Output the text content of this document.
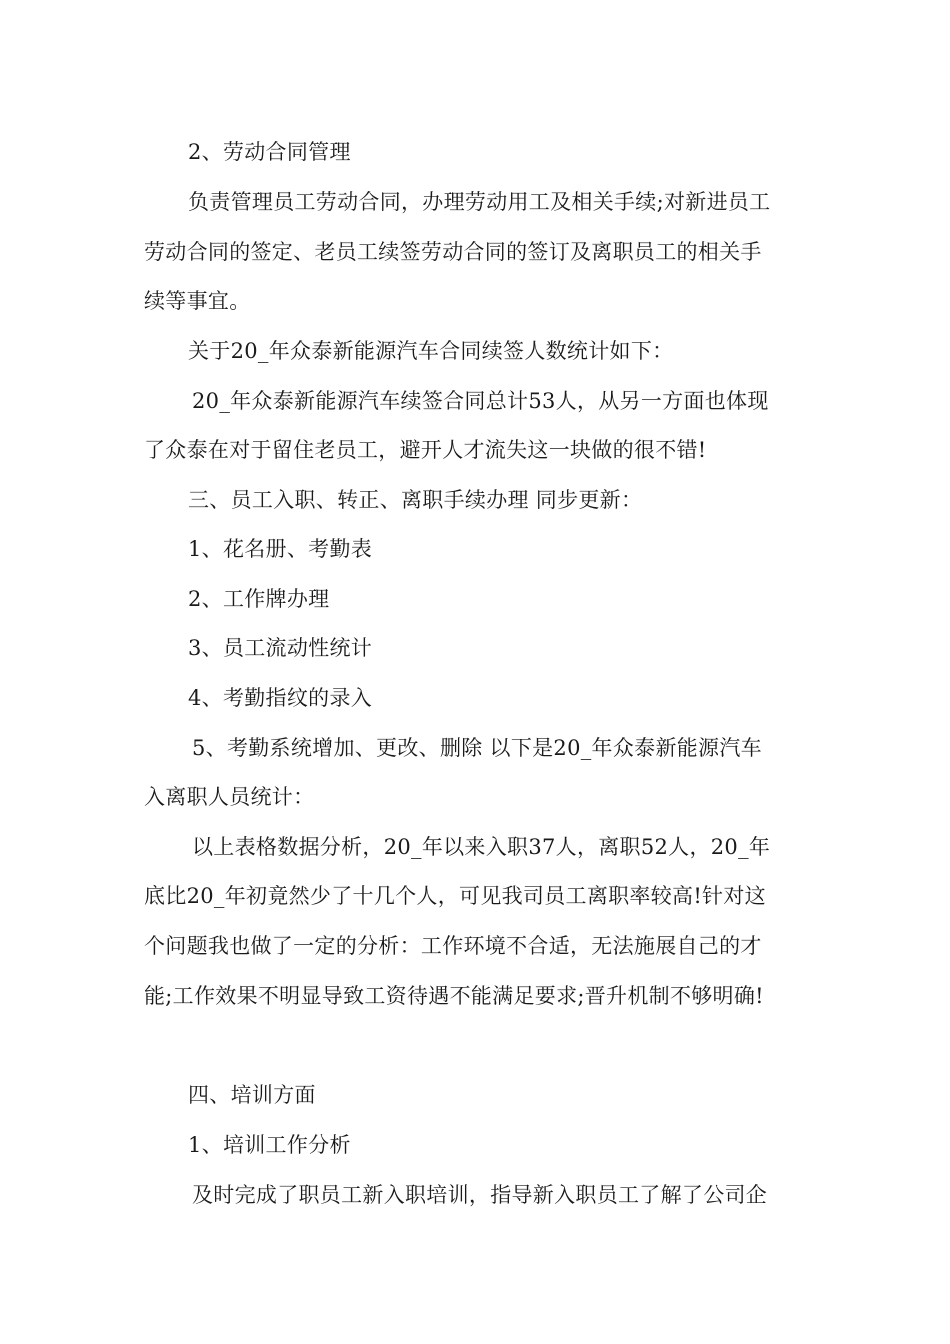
2、劳动合同管理
负责管理员工劳动合同，办理劳动用工及相关手续;对新进员工
劳动合同的签定、老员工续签劳动合同的签订及离职员工的相关手
续等事宜。
关于20_年众泰新能源汽车合同续签人数统计如下：
20_年众泰新能源汽车续签合同总计53人，从另一方面也体现
了众泰在对于留住老员工，避开人才流失这一块做的很不错!
三、员工入职、转正、离职手续办理 同步更新：
1、花名册、考勤表
2、工作牌办理
3、员工流动性统计
4、考勤指纹的录入
5、考勤系统增加、更改、删除 以下是20_年众泰新能源汽车
入离职人员统计：
以上表格数据分析，20_年以来入职37人，离职52人，20_年
底比20_年初竟然少了十几个人，可见我司员工离职率较高!针对这
个问题我也做了一定的分析：工作环境不合适，无法施展自己的才
能;工作效果不明显导致工资待遇不能满足要求;晋升机制不够明确!
四、培训方面
1、培训工作分析
及时完成了职员工新入职培训，指导新入职员工了解了公司企
